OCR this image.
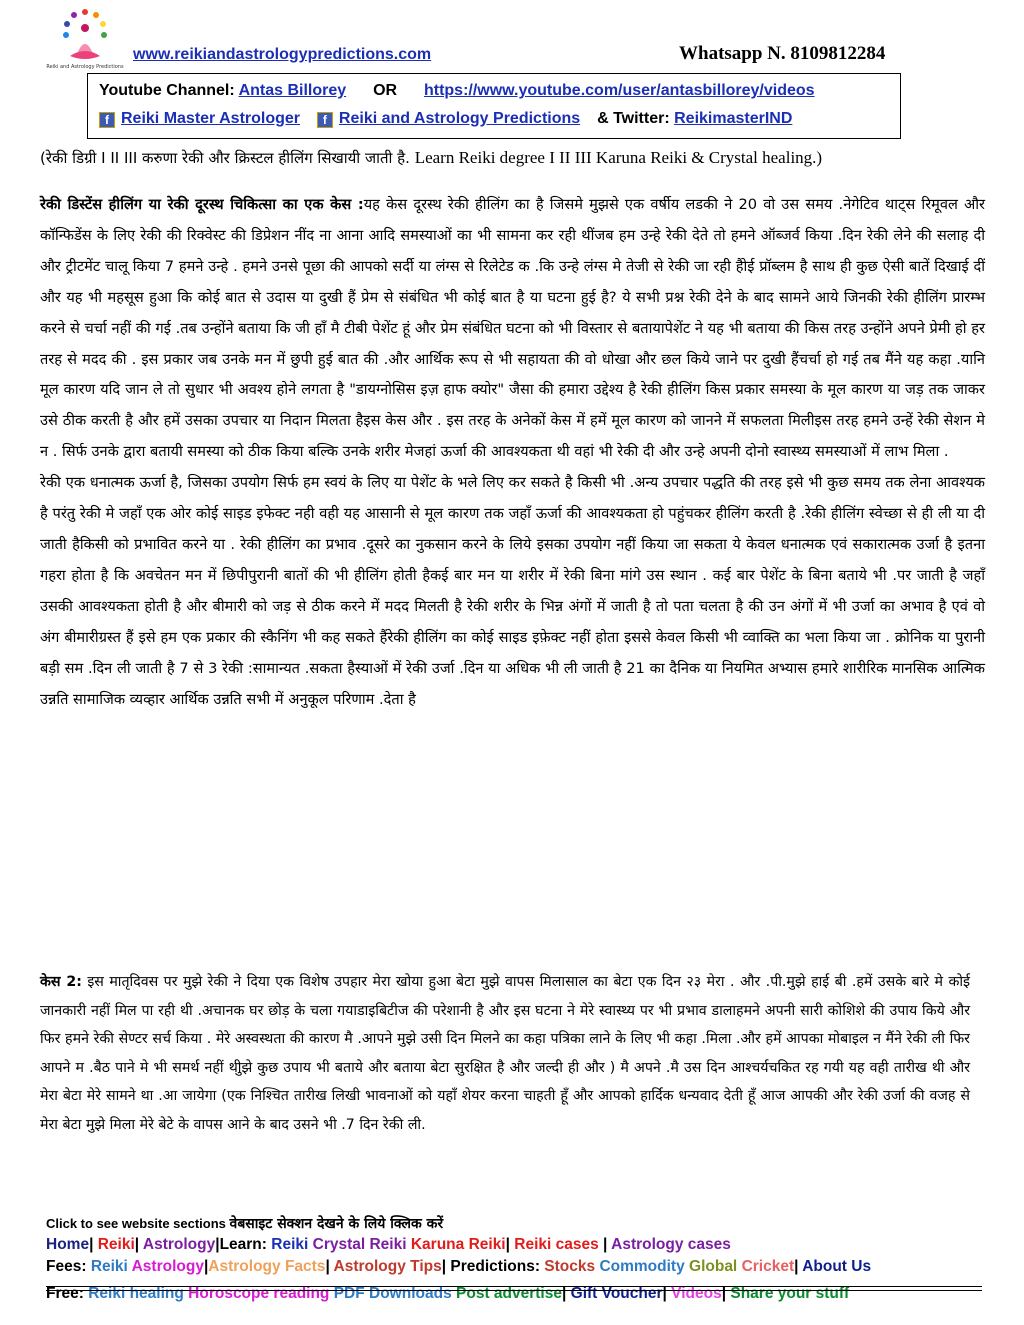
Reiki and Astrology Predictions
www.reikiandastrologypredictions.com	Whatsapp N. 8109812284
Youtube Channel: Antas Billorey OR https://www.youtube.com/user/antasbillorey/videos
f Reiki Master Astrologer f Reiki and Astrology Predictions & Twitter: ReikimasterIND
(रेकी डिग्री I II III करुणा रेकी और क्रिस्टल हीलिंग सिखायी जाती है. Learn Reiki degree I II III Karuna Reiki & Crystal healing.)

रेकी डिस्टेंस हीलिंग या रेकी दूरस्थ चिकित्सा का एक केस :यह केस दूरस्थ रेकी हीलिंग का है जिसमे मुझसे एक वर्षीय लडकी ने 20 वो उस समय .नेगेटिव थाट्स रिमूवल और कॉन्फिडेंस के लिए रेकी की रिक्वेस्ट की डिप्रेशन नींद ना आना आदि समस्याओं का भी सामना कर रही थींजब हम उन्हे रेकी देते तो हमने ऑब्जर्व किया .दिन रेकी लेने की सलाह दी और ट्रीटमेंट चालू किया 7 हमने उन्हे . हमने उनसे पूछा की आपको सर्दी या लंग्स से रिलेटेड क .कि उन्हे लंग्स मे तेजी से रेकी जा रही हैोई प्रॉब्लम है साथ ही कुछ ऐसी बातें दिखाई दीं और यह भी महसूस हुआ कि कोई बात से उदास या दुखी हैं प्रेम से संबंधित भी कोई बात है या घटना हुई है? ये सभी प्रश्न रेकी देने के बाद सामने आये जिनकी रेकी हीलिंग प्रारम्भ करने से चर्चा नहीं की गई .तब उन्होंने बताया कि जी हाँ मै टीबी पेशेंट हूं और प्रेम संबंधित घटना को भी विस्तार से बतायापेशेंट ने यह भी बताया की किस तरह उन्होंने अपने प्रेमी हो हर तरह से मदद की . इस प्रकार जब उनके मन में छुपी हुई बात की .और आर्थिक रूप से भी सहायता की वो धोखा और छल किये जाने पर दुखी हैंचर्चा हो गई तब मैंने यह कहा .यानि मूल कारण यदि जान ले तो सुधार भी अवश्य होने लगता है "डायग्नोसिस इज़ हाफ क्योर" जैसा की हमारा उद्देश्य है रेकी हीलिंग किस प्रकार समस्या के मूल कारण या जड़ तक जाकर उसे ठीक करती है और हमें उसका उपचार या निदान मिलता हैइस केस और . इस तरह के अनेकों केस में हमें मूल कारण को जानने में सफलता मिलीइस तरह हमने उन्हें रेकी सेशन मे न . सिर्फ उनके द्वारा बतायी समस्या को ठीक किया बल्कि उनके शरीर मेजहां ऊर्जा की आवश्यकता थी वहां भी रेकी दी और उन्हे अपनी दोनो स्वास्थ्य समस्याओं में लाभ मिला .

रेकी एक धनात्मक ऊर्जा है, जिसका उपयोग सिर्फ हम स्वयं के लिए या पेशेंट के भले लिए कर सकते है किसी भी .अन्य उपचार पद्धति की तरह इसे भी कुछ समय तक लेना आवश्यक है परंतु रेकी मे जहाँ एक ओर कोई साइड इफेक्ट नही वही यह आसानी से मूल कारण तक जहाँ ऊर्जा की आवश्यकता हो पहुंचकर हीलिंग करती है .रेकी हीलिंग स्वेच्छा से ही ली या दी जाती हैकिसी को प्रभावित करने या . रेकी हीलिंग का प्रभाव .दूसरे का नुकसान करने के लिये इसका उपयोग नहीं किया जा सकता ये केवल धनात्मक एवं सकारात्मक उर्जा है इतना गहरा होता है कि अवचेतन मन में छिपीपुरानी बातों की भी हीलिंग होती हैकई बार मन या शरीर में रेकी बिना मांगे उस स्थान . कई बार पेशेंट के बिना बताये भी .पर जाती है जहाँ उसकी आवश्यकता होती है और बीमारी को जड़ से ठीक करने में मदद मिलती है रेकी शरीर के भिन्न अंगों में जाती है तो पता चलता है की उन अंगों में भी उर्जा का अभाव है एवं वो अंग बीमारीग्रस्त हैं इसे हम एक प्रकार की स्कैनिंग भी कह सकते हैंरेकी हीलिंग का कोई साइड इफ़ेक्ट नहीं होता इससे केवल किसी भी व्वाक्ति का भला किया जा . क्रोनिक या पुरानी बड़ी सम .दिन ली जाती है 7 से 3 रेकी :सामान्यत .सकता हैस्याओं में रेकी उर्जा .दिन या अधिक भी ली जाती है 21 का दैनिक या नियमित अभ्यास हमारे शारीरिक मानसिक आत्मिक उन्नति सामाजिक व्यव्हार आर्थिक उन्नति सभी में अनुकूल परिणाम .देता है

केस 2: इस मातृदिवस पर मुझे रेकी ने दिया एक विशेष उपहार मेरा खोया हुआ बेटा मुझे वापस मिलासाल का बेटा एक दिन २३ मेरा . और .पी.मुझे हाई बी .हमें उसके बारे मे कोई जानकारी नहीं मिल पा रही थी .अचानक घर छोड़ के चला गयाडाइबिटीज की परेशानी है और इस घटना ने मेरे स्वास्थ्य पर भी प्रभाव डालाहमने अपनी सारी कोशिशे की उपाय किये और फिर हमने रेकी सेण्टर सर्च किया . मेरे अस्वस्थता की कारण मै .आपने मुझे उसी दिन मिलने का कहा पत्रिका लाने के लिए भी कहा .मिला .और हमें आपका मोबाइल न मैंने रेकी ली फिर आपने म .बैठ पाने मे भी समर्थ नहीं थीुझे कुछ उपाय भी बताये और बताया बेटा सुरक्षित है और जल्दी ही और ) मै अपने .मै उस दिन आश्चर्यचकित रह गयी यह वही तारीख थी और मेरा बेटा मेरे सामने था .आ जायेगा (एक निश्चित तारीख लिखी भावनाओं को यहाँ शेयर करना चाहती हूँ और आपको हार्दिक धन्यवाद देती हूँ आज आपकी और रेकी उर्जा की वजह से मेरा बेटा मुझे मिला मेरे बेटे के वापस आने के बाद उसने भी .7 दिन रेकी ली.

Click to see website sections वेबसाइट सेक्शन देखने के लिये क्लिक करें
Home| Reiki| Astrology|Learn: Reiki Crystal Reiki Karuna Reiki| Reiki cases | Astrology cases
Fees: Reiki Astrology|Astrology Facts| Astrology Tips| Predictions: Stocks Commodity Global Cricket| About Us
Free: Reiki healing Horoscope reading PDF Downloads Post advertise| Gift Voucher| Videos| Share your stuff
